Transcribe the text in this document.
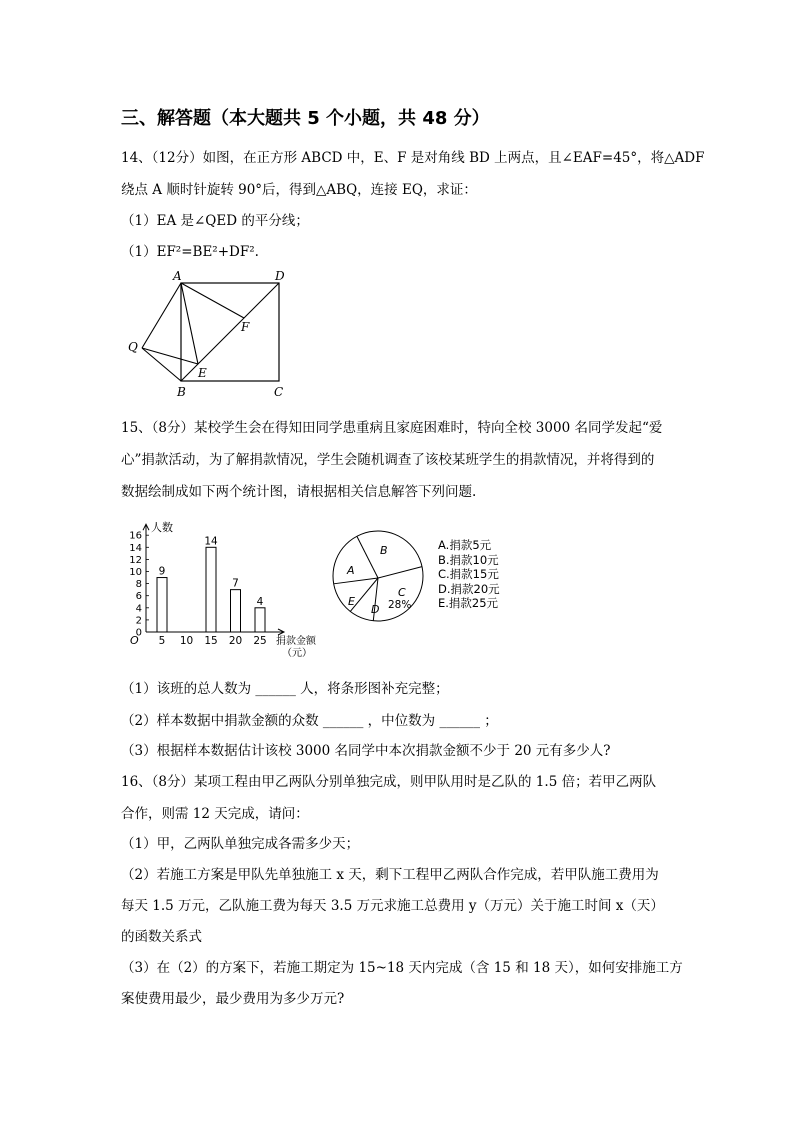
三、解答题（本大题共 5 个小题，共 48 分）
14、（12分）如图，在正方形 ABCD 中，E、F 是对角线 BD 上两点，且∠EAF=45°，将△ADF
绕点 A 顺时针旋转 90°后，得到△ABQ，连接 EQ，求证：
（1）EA 是∠QED 的平分线；
（1）EF²=BE²+DF².
A	D
B	C
Q
E
F
15、（8分）某校学生会在得知田同学患重病且家庭困难时，特向全校 3000 名同学发起“爱
心”捐款活动，为了解捐款情况，学生会随机调查了该校某班学生的捐款情况，并将得到的
数据绘制成如下两个统计图，请根据相关信息解答下列问题.
0
2
4
6
8
10
12
14
16
5 10 15 20 25
9
14
7
4
人数
捐款金额
（元）
O
A
B
C
D
E	28%
A.捐款5元
B.捐款10元
C.捐款15元
D.捐款20元
E.捐款25元
（1）该班的总人数为 ______ 人，将条形图补充完整；
（2）样本数据中捐款金额的众数 ______ ，中位数为 ______ ；
（3）根据样本数据估计该校 3000 名同学中本次捐款金额不少于 20 元有多少人?
16、（8分）某项工程由甲乙两队分别单独完成，则甲队用时是乙队的 1.5 倍；若甲乙两队
合作，则需 12 天完成，请问：
（1）甲，乙两队单独完成各需多少天；
（2）若施工方案是甲队先单独施工 x 天，剩下工程甲乙两队合作完成，若甲队施工费用为
每天 1.5 万元，乙队施工费为每天 3.5 万元求施工总费用 y（万元）关于施工时间 x（天）
的函数关系式
（3）在（2）的方案下，若施工期定为 15~18 天内完成（含 15 和 18 天），如何安排施工方
案使费用最少，最少费用为多少万元?
